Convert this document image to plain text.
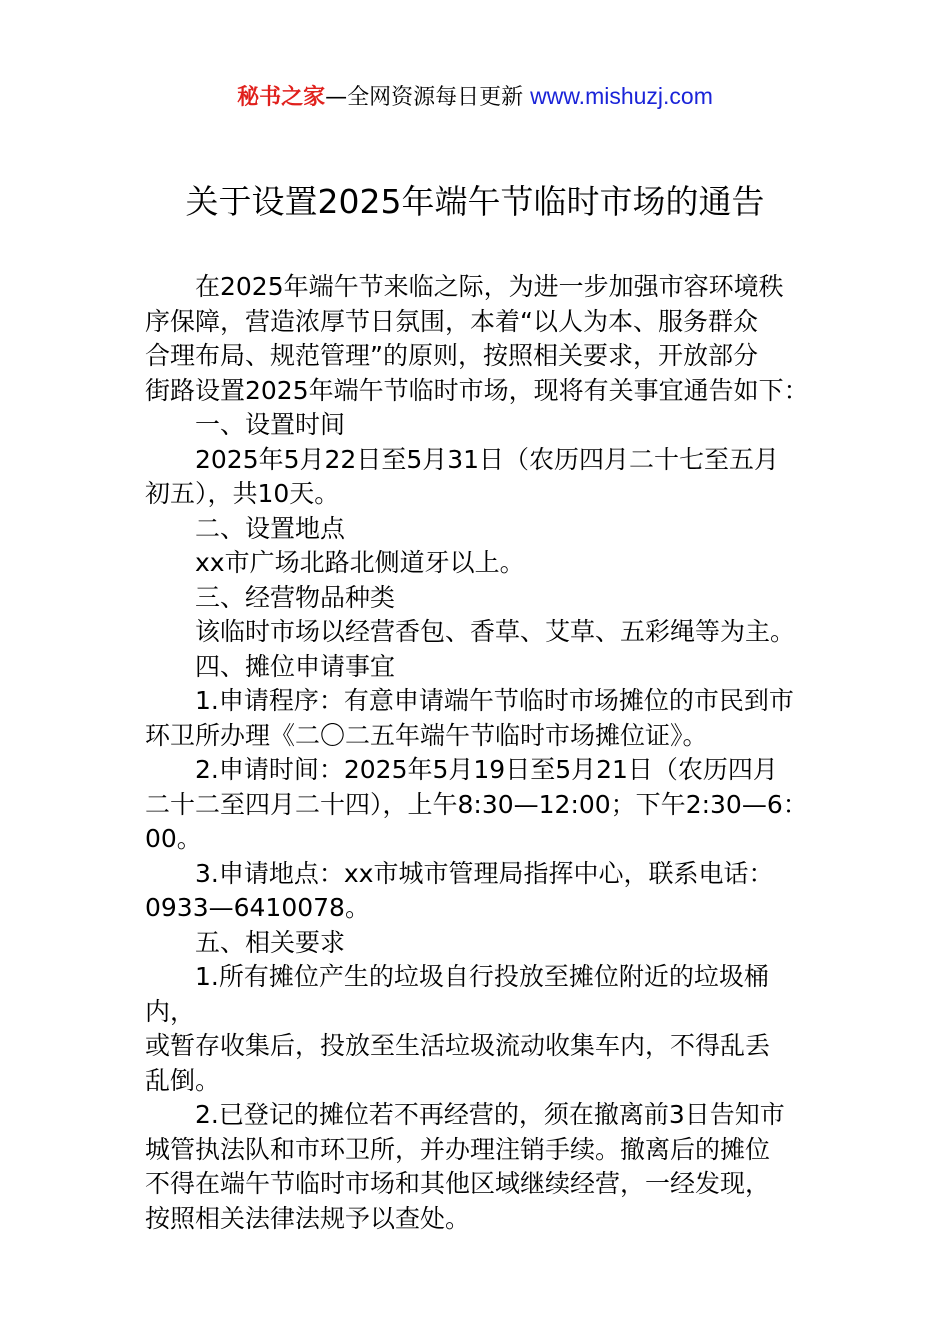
秘书之家—全网资源每日更新 www.mishuzj.com
关于设置2025年端午节临时市场的通告

在2025年端午节来临之际，为进一步加强市容环境秩
序保障，营造浓厚节日氛围，本着“以人为本、服务群众
合理布局、规范管理”的原则，按照相关要求，开放部分
街路设置2025年端午节临时市场，现将有关事宜通告如下：

一、设置时间

2025年5月22日至5月31日（农历四月二十七至五月
初五），共10天。

二、设置地点

xx市广场北路北侧道牙以上。

三、经营物品种类

该临时市场以经营香包、香草、艾草、五彩绳等为主。

四、摊位申请事宜

1.申请程序：有意申请端午节临时市场摊位的市民到市
环卫所办理《二〇二五年端午节临时市场摊位证》。

2.申请时间：2025年5月19日至5月21日（农历四月
二十二至四月二十四），上午8:30—12:00；下午2:30—6：
00。

3.申请地点：xx市城市管理局指挥中心，联系电话：
0933—6410078。

五、相关要求

1.所有摊位产生的垃圾自行投放至摊位附近的垃圾桶内，
或暂存收集后，投放至生活垃圾流动收集车内，不得乱丢
乱倒。

2.已登记的摊位若不再经营的，须在撤离前3日告知市
城管执法队和市环卫所，并办理注销手续。撤离后的摊位
不得在端午节临时市场和其他区域继续经营，一经发现，
按照相关法律法规予以查处。
